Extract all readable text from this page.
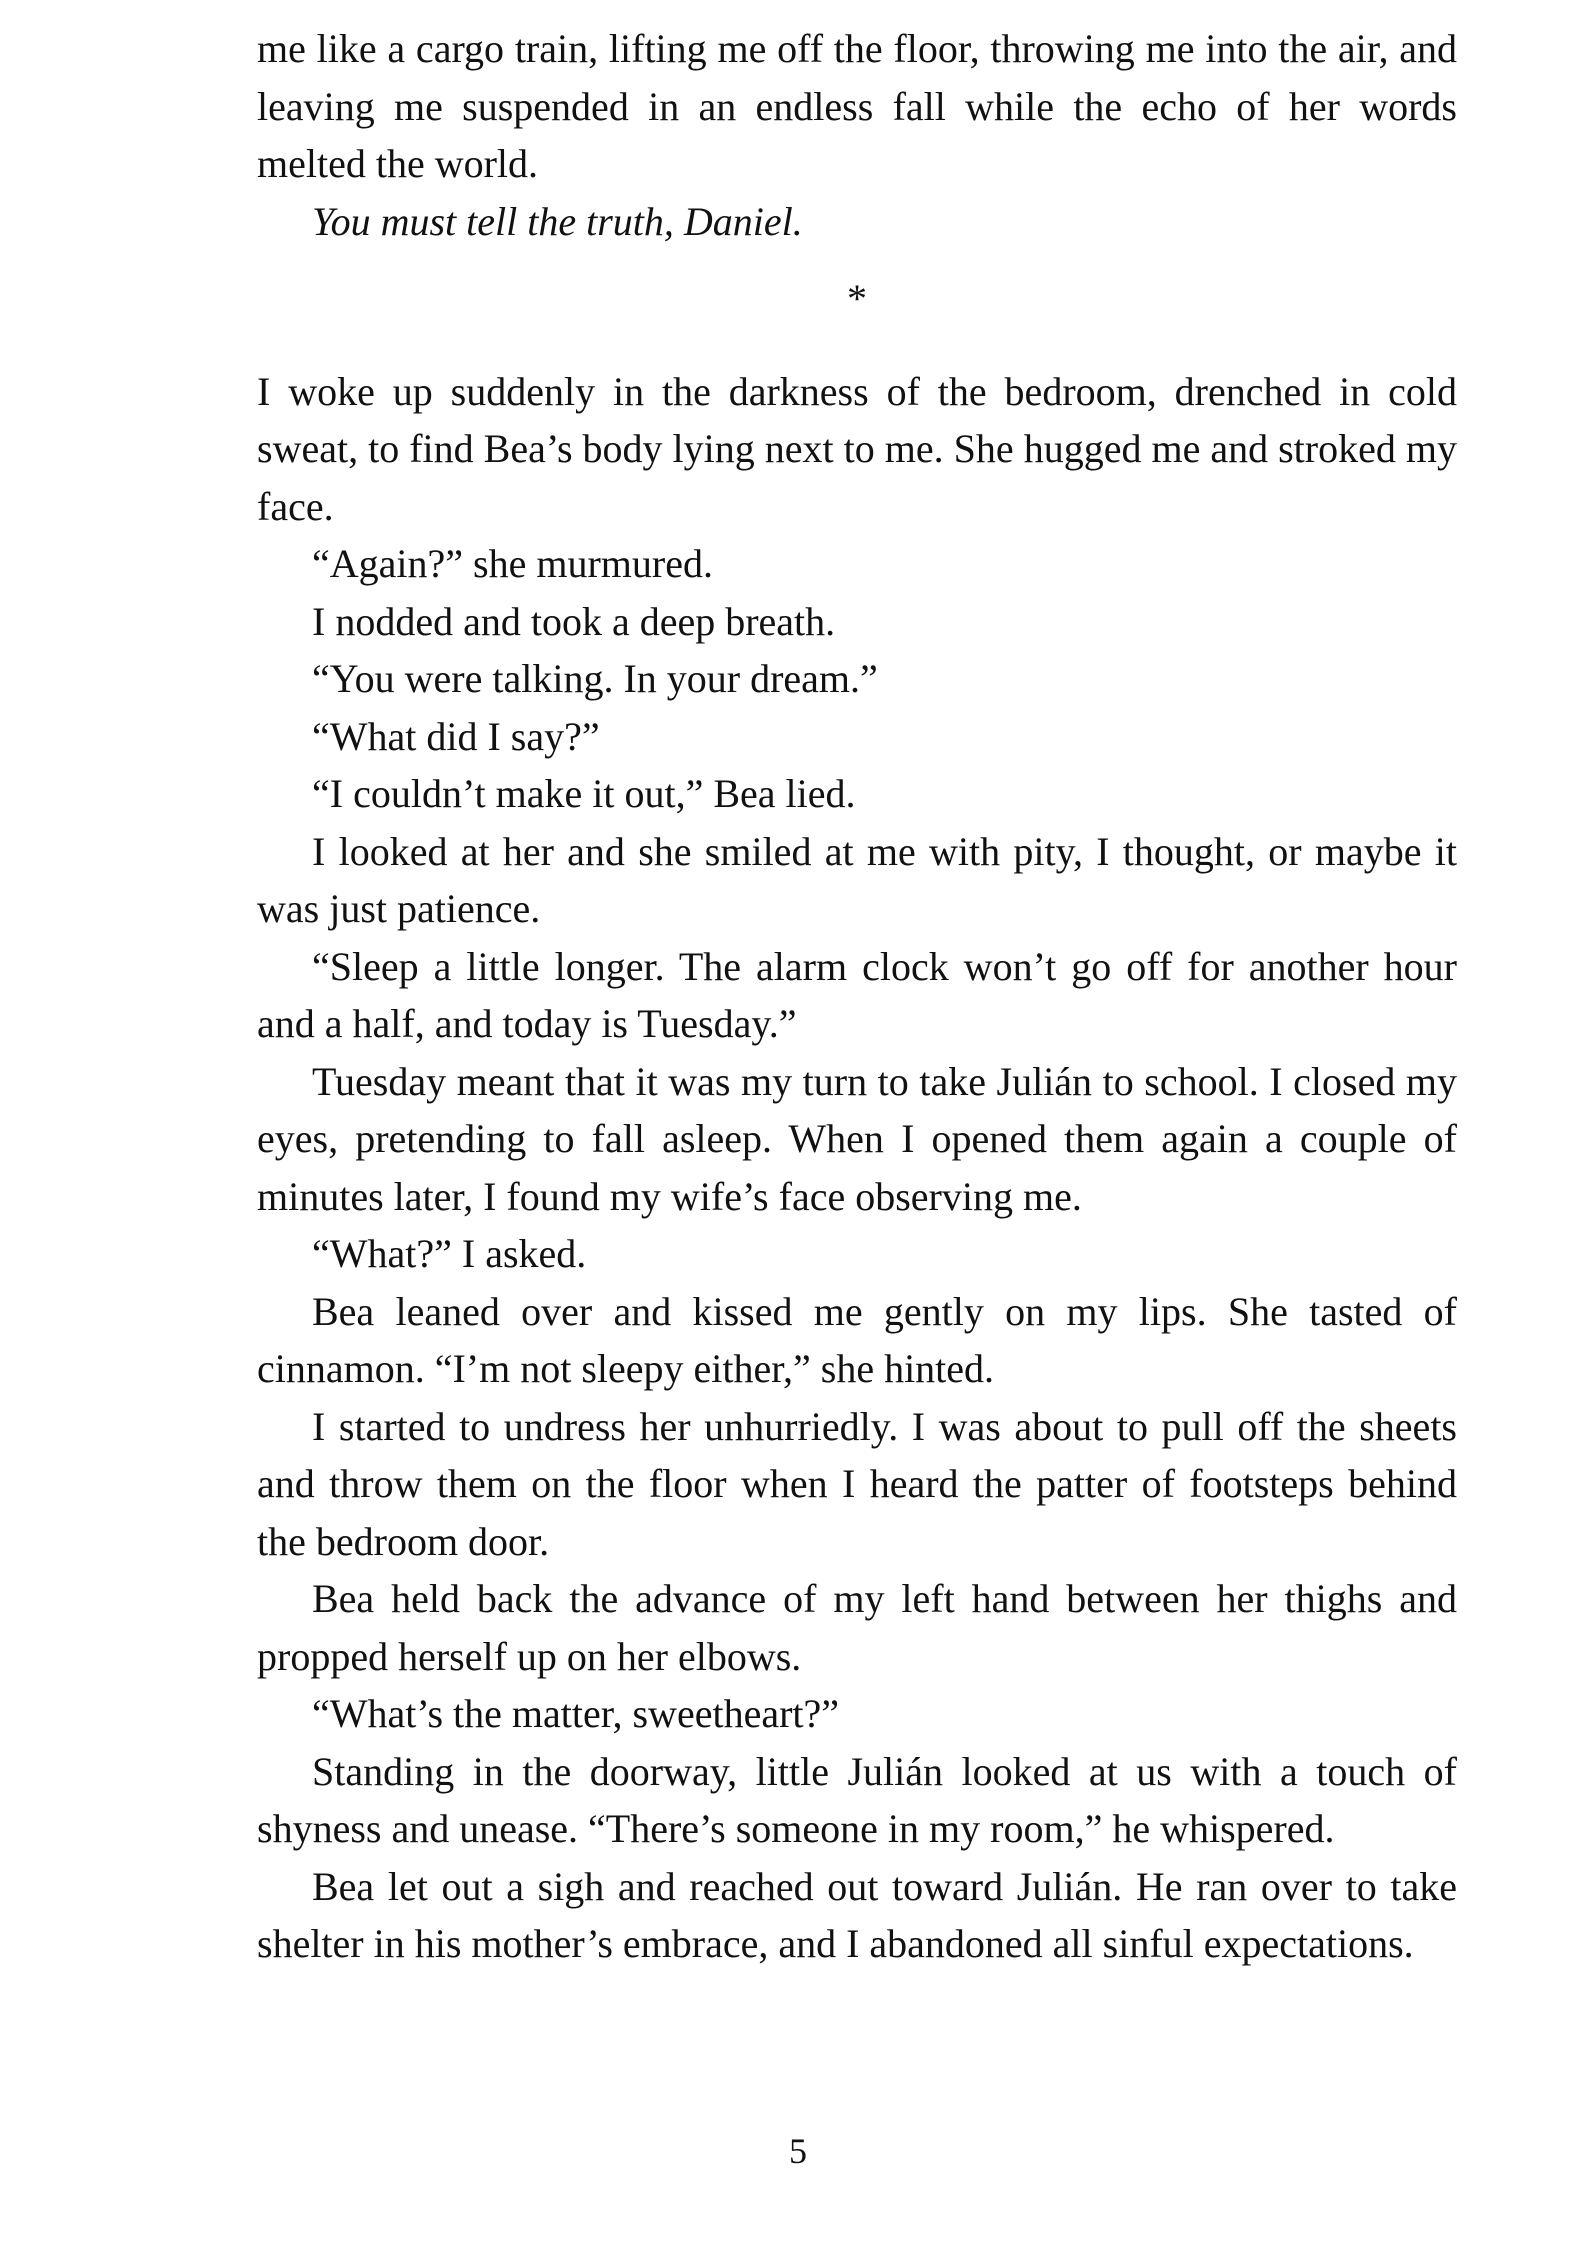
me like a cargo train, lifting me off the floor, throwing me into the air, and leaving me suspended in an endless fall while the echo of her words melted the world.

You must tell the truth, Daniel.

*

I woke up suddenly in the darkness of the bedroom, drenched in cold sweat, to find Bea’s body lying next to me. She hugged me and stroked my face.

“Again?” she murmured.

I nodded and took a deep breath.

“You were talking. In your dream.”

“What did I say?”

“I couldn’t make it out,” Bea lied.

I looked at her and she smiled at me with pity, I thought, or maybe it was just patience.

“Sleep a little longer. The alarm clock won’t go off for another hour and a half, and today is Tuesday.”

Tuesday meant that it was my turn to take Julián to school. I closed my eyes, pretending to fall asleep. When I opened them again a couple of minutes later, I found my wife’s face observing me.

“What?” I asked.

Bea leaned over and kissed me gently on my lips. She tasted of cinnamon. “I’m not sleepy either,” she hinted.

I started to undress her unhurriedly. I was about to pull off the sheets and throw them on the floor when I heard the patter of footsteps behind the bedroom door.

Bea held back the advance of my left hand between her thighs and propped herself up on her elbows.

“What’s the matter, sweetheart?”

Standing in the doorway, little Julián looked at us with a touch of shyness and unease. “There’s someone in my room,” he whispered.

Bea let out a sigh and reached out toward Julián. He ran over to take shelter in his mother’s embrace, and I abandoned all sinful expectations.

5
